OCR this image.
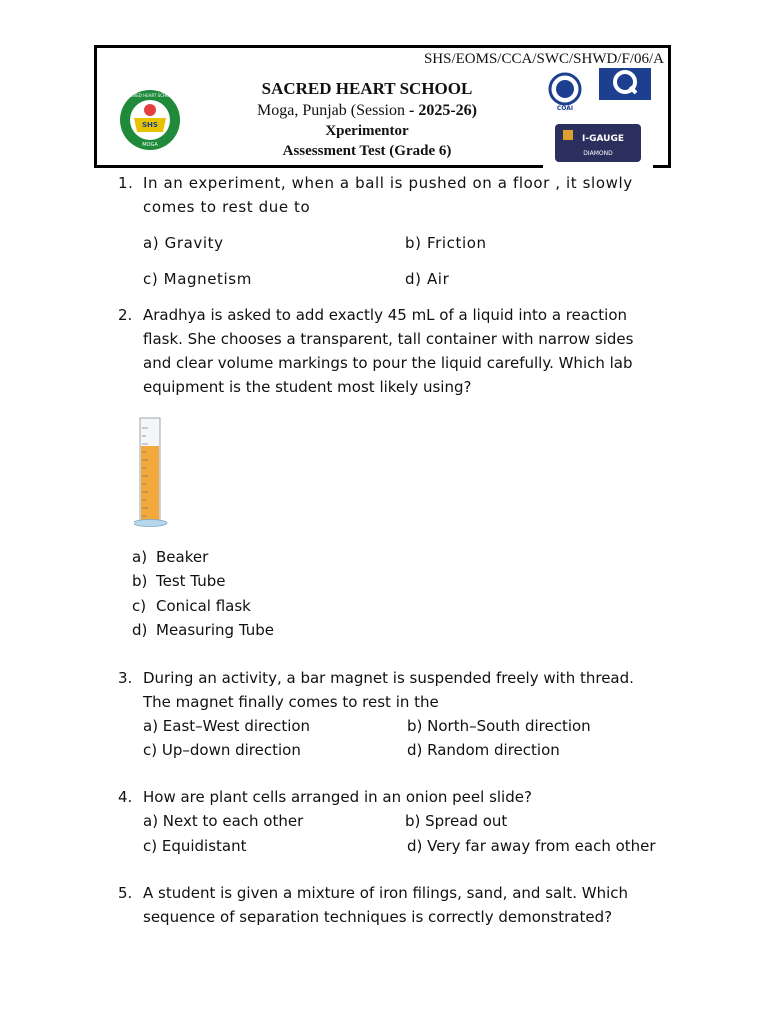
SHS/EOMS/CCA/SWC/SHWD/F/06/A
SHS
MOGA
SACRED HEART SCHOOL	SACRED HEART SCHOOL
Moga, Punjab (Session - 2025-26)
Xperimentor
Assessment Test (Grade 6)
COAI	NABCB
I-GAUGE
DIAMOND
1. In an experiment, when a ball is pushed on a floor , it slowly comes to rest due to
a) Gravity	b) Friction
c) Magnetism	d) Air
2. Aradhya is asked to add exactly 45 mL of a liquid into a reaction flask. She chooses a transparent, tall container with narrow sides and clear volume markings to pour the liquid carefully. Which lab equipment is the student most likely using?
a) Beaker
b) Test Tube
c) Conical flask
d) Measuring Tube
3. During an activity, a bar magnet is suspended freely with thread. The magnet finally comes to rest in the
a) East–West direction	b) North–South direction
c) Up–down direction	d) Random direction
4. How are plant cells arranged in an onion peel slide?
a) Next to each other	b) Spread out
c) Equidistant	d) Very far away from each other
5. A student is given a mixture of iron filings, sand, and salt. Which sequence of separation techniques is correctly demonstrated?
